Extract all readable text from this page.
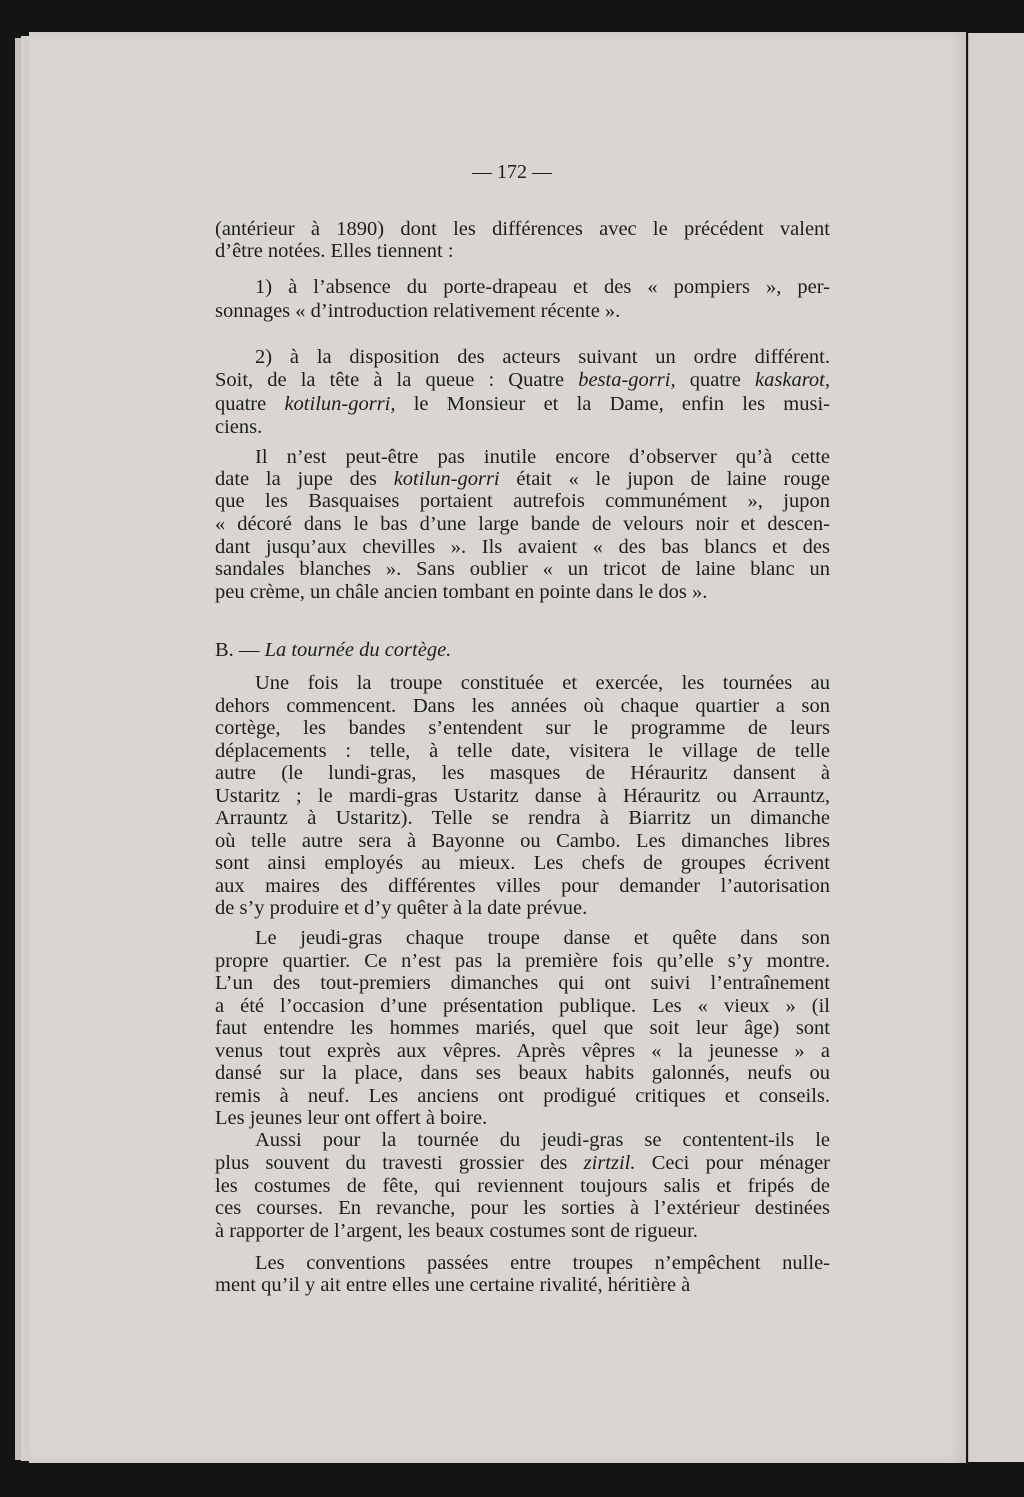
— 172 —
(antérieur à 1890) dont les différences avec le précédent valent
d’être notées. Elles tiennent :
1) à l’absence du porte-drapeau et des « pompiers », per-
sonnages « d’introduction relativement récente ».
2) à la disposition des acteurs suivant un ordre différent.
Soit, de la tête à la queue : Quatre besta-gorri, quatre kaskarot,
quatre kotilun-gorri, le Monsieur et la Dame, enfin les musi-
ciens.
Il n’est peut-être pas inutile encore d’observer qu’à cette
date la jupe des kotilun-gorri était « le jupon de laine rouge
que les Basquaises portaient autrefois communément », jupon
« décoré dans le bas d’une large bande de velours noir et descen-
dant jusqu’aux chevilles ». Ils avaient « des bas blancs et des
sandales blanches ». Sans oublier « un tricot de laine blanc un
peu crème, un châle ancien tombant en pointe dans le dos ».
B. — La tournée du cortège.
Une fois la troupe constituée et exercée, les tournées au
dehors commencent. Dans les années où chaque quartier a son
cortège, les bandes s’entendent sur le programme de leurs
déplacements : telle, à telle date, visitera le village de telle
autre (le lundi-gras, les masques de Hérauritz dansent à
Ustaritz ; le mardi-gras Ustaritz danse à Hérauritz ou Arrauntz,
Arrauntz à Ustaritz). Telle se rendra à Biarritz un dimanche
où telle autre sera à Bayonne ou Cambo. Les dimanches libres
sont ainsi employés au mieux. Les chefs de groupes écrivent
aux maires des différentes villes pour demander l’autorisation
de s’y produire et d’y quêter à la date prévue.
Le jeudi-gras chaque troupe danse et quête dans son
propre quartier. Ce n’est pas la première fois qu’elle s’y montre.
L’un des tout-premiers dimanches qui ont suivi l’entraînement
a été l’occasion d’une présentation publique. Les « vieux » (il
faut entendre les hommes mariés, quel que soit leur âge) sont
venus tout exprès aux vêpres. Après vêpres « la jeunesse » a
dansé sur la place, dans ses beaux habits galonnés, neufs ou
remis à neuf. Les anciens ont prodigué critiques et conseils.
Les jeunes leur ont offert à boire.
Aussi pour la tournée du jeudi-gras se contentent-ils le
plus souvent du travesti grossier des zirtzil. Ceci pour ménager
les costumes de fête, qui reviennent toujours salis et fripés de
ces courses. En revanche, pour les sorties à l’extérieur destinées
à rapporter de l’argent, les beaux costumes sont de rigueur.
Les conventions passées entre troupes n’empêchent nulle-
ment qu’il y ait entre elles une certaine rivalité, héritière à
